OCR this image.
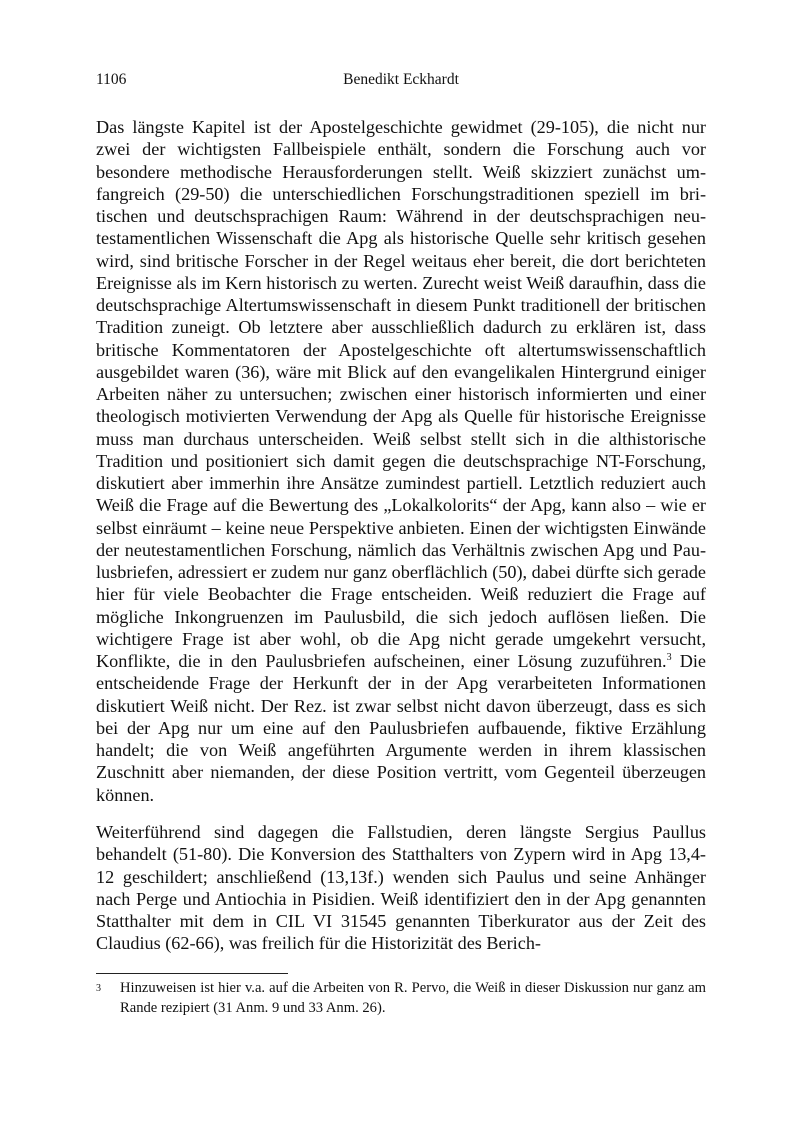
1106	Benedikt Eckhardt

Das längste Kapitel ist der Apostelgeschichte gewidmet (29-105), die nicht nur zwei der wichtigsten Fallbeispiele enthält, sondern die Forschung auch vor besondere methodische Herausforderungen stellt. Weiß skizziert zunächst umfangreich (29-50) die unterschiedlichen Forschungstraditionen speziell im britischen und deutschsprachigen Raum: Während in der deutschsprachigen neutestamentlichen Wissenschaft die Apg als historische Quelle sehr kritisch gesehen wird, sind britische Forscher in der Regel weitaus eher bereit, die dort berichteten Ereignisse als im Kern historisch zu werten. Zurecht weist Weiß daraufhin, dass die deutschsprachige Altertumswissenschaft in diesem Punkt traditionell der britischen Tradition zuneigt. Ob letztere aber ausschließlich dadurch zu erklären ist, dass britische Kommentatoren der Apostelgeschichte oft altertumswissenschaftlich ausgebildet waren (36), wäre mit Blick auf den evangelikalen Hintergrund einiger Arbeiten näher zu untersuchen; zwischen einer historisch informierten und einer theologisch motivierten Verwendung der Apg als Quelle für historische Ereignisse muss man durchaus unterscheiden. Weiß selbst stellt sich in die althistorische Tradition und positioniert sich damit gegen die deutschsprachige NT-Forschung, diskutiert aber immerhin ihre Ansätze zumindest partiell. Letztlich reduziert auch Weiß die Frage auf die Bewertung des „Lokalkolorits“ der Apg, kann also – wie er selbst einräumt – keine neue Perspektive anbieten. Einen der wichtigsten Einwände der neutestamentlichen Forschung, nämlich das Verhältnis zwischen Apg und Paulusbriefen, adressiert er zudem nur ganz oberflächlich (50), dabei dürfte sich gerade hier für viele Beobachter die Frage entscheiden. Weiß reduziert die Frage auf mögliche Inkongruenzen im Paulusbild, die sich jedoch auflösen ließen. Die wichtigere Frage ist aber wohl, ob die Apg nicht gerade umgekehrt versucht, Konflikte, die in den Paulusbriefen aufscheinen, einer Lösung zuzuführen.$^3$ Die entscheidende Frage der Herkunft der in der Apg verarbeiteten Informationen diskutiert Weiß nicht. Der Rez. ist zwar selbst nicht davon überzeugt, dass es sich bei der Apg nur um eine auf den Paulusbriefen aufbauende, fiktive Erzählung handelt; die von Weiß angeführten Argumente werden in ihrem klassischen Zuschnitt aber niemanden, der diese Position vertritt, vom Gegenteil überzeugen können.

Weiterführend sind dagegen die Fallstudien, deren längste Sergius Paullus behandelt (51-80). Die Konversion des Statthalters von Zypern wird in Apg 13,4-12 geschildert; anschließend (13,13f.) wenden sich Paulus und seine Anhänger nach Perge und Antiochia in Pisidien. Weiß identifiziert den in der Apg genannten Statthalter mit dem in CIL VI 31545 genannten Tiberkurator aus der Zeit des Claudius (62-66), was freilich für die Historizität des Berich-

3 Hinzuweisen ist hier v.a. auf die Arbeiten von R. Pervo, die Weiß in dieser Diskussion nur ganz am Rande rezipiert (31 Anm. 9 und 33 Anm. 26).
